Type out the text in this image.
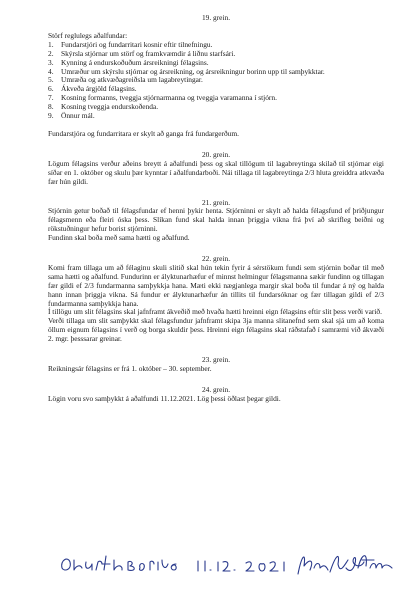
19. grein.

Störf reglulegs aðalfundar:

1.	Fundarstjóri og fundarritari kosnir eftir tilnefningu.
2.	Skýrsla stjórnar um störf og framkvæmdir á liðnu starfsári.
3.	Kynning á endurskoðuðum ársreikningi félagsins.
4.	Umræður um skýrslu stjórnar og ársreikning, og ársreikningur borinn upp til samþykktar.
5.	Umræða og atkvæðagreiðsla um lagabreytingar.
6.	Ákveða árgjöld félagsins.
7.	Kosning formanns, tveggja stjórnarmanna og tveggja varamanna í stjórn.
8.	Kosning tveggja endurskoðenda.
9.	Önnur mál.

Fundarstjóra og fundarritara er skylt að ganga frá fundargerðum.

20. grein.

Lögum félagsins verður aðeins breytt á aðalfundi þess og skal tillögum til lagabreytinga skilað til stjórnar eigi síðar en 1. október og skulu þær kynntar í aðalfundarboði. Nái tillaga til lagabreytinga 2/3 hluta greiddra atkvæða fær hún gildi.

21. grein.

Stjórnin getur boðað til félagsfundar ef henni þykir henta. Stjórninni er skylt að halda félagsfund ef þriðjungur félagsmenn eða fleiri óska þess. Slíkan fund skal halda innan þriggja vikna frá því að skrifleg beiðni og rökstuðningur hefur borist stjórninni.

Fundinn skal boða með sama hætti og aðalfund.

22. grein.

Komi fram tillaga um að félaginu skuli slitið skal hún tekin fyrir á sérstökum fundi sem stjórnin boðar til með sama hætti og aðalfund. Fundurinn er ályktunarhæfur ef minnst helmingur félagsmanna sækir fundinn og tillagan fær gildi ef 2/3 fundarmanna samþykkja hana. Mæti ekki nægjanlega margir skal boða til fundar á ný og halda hann innan þriggja vikna. Sá fundur er ályktunarhæfur án tillits til fundarsóknar og fær tillagan gildi ef 2/3 fundarmanna samþykkja hana.

Í tillögu um slit félagsins skal jafnframt ákveðið með hvaða hætti hreinni eign félagsins eftir slit þess verði varið.

Verði tillaga um slit samþykkt skal félagsfundur jafnframt skipa 3ja manna slitanefnd sem skal sjá um að koma öllum eignum félagsins í verð og borga skuldir þess. Hreinni eign félagsins skal ráðstafað í samræmi við ákvæði 2. mgr. þesssarar greinar.

23. grein.

Reikningsár félagsins er frá 1. október – 30. september.

24. grein.

Lögin voru svo samþykkt á aðalfundi 11.12.2021. Lög þessi öðlast þegar gildi.
